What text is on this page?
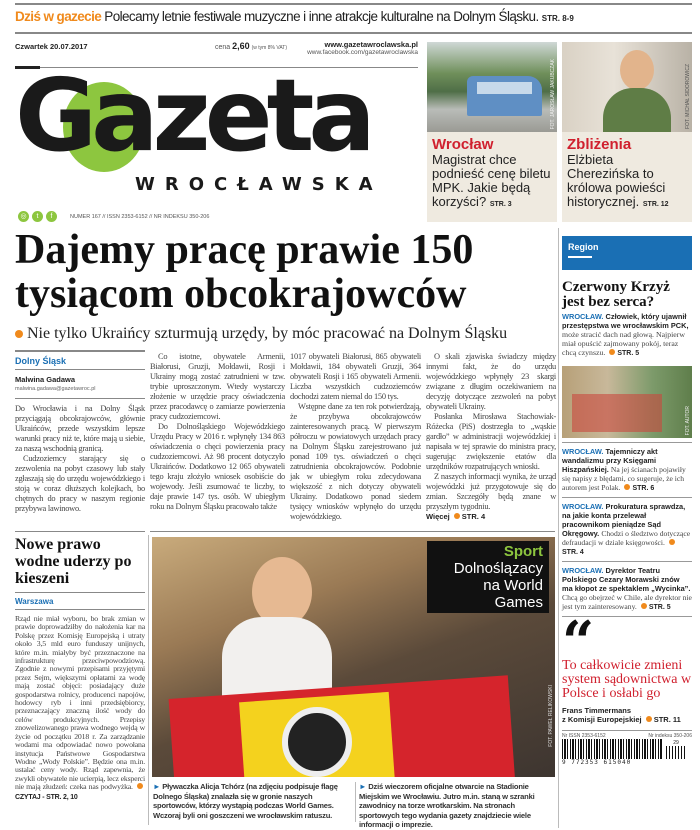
Dziś w gazecie Polecamy letnie festiwale muzyczne i inne atrakcje kulturalne na Dolnym Śląsku. STR. 8-9
Czwartek 20.07.2017	cena 2,60 (w tym 8% VAT)	www.gazetawroclawska.pl
www.facebook.com/gazetawroclawska
Gazeta
WROCŁAWSKA
◎	t	f	NUMER 167 // ISSN 2353-6152 // NR INDEKSU 350-206
FOT. JAROSŁAW JAKUBCZAK
Wrocław
Magistrat chce podnieść cenę biletu MPK. Jakie będą korzyści? STR. 3
FOT. MICHAŁ SIDOROWICZ
Zbliżenia
Elżbieta Cherezińska to królowa powieści historycznej. STR. 12
Dajemy pracę prawie 150 tysiącom obcokrajowców
Nie tylko Ukraińcy szturmują urzędy, by móc pracować na Dolnym Śląsku
Dolny Śląsk
Malwina Gadawa
malwina.gadawa@gazetawroc.pl

Do Wrocławia i na Dolny Śląsk przyciągają obcokrajowców, głównie Ukraińców, przede wszystkim lepsze warunki pracy niż te, które mają u siebie, za naszą wschodnią granicą.

Cudzoziemcy starający się o zezwolenia na pobyt czasowy lub stały zgłaszają się do urzędu wojewódzkiego i stoją w coraz dłuższych kolejkach, bo chętnych do pracy w naszym regionie przybywa lawinowo.

Co istotne, obywatele Armenii, Białorusi, Gruzji, Mołdawii, Rosji i Ukrainy mogą zostać zatrudnieni w tzw. trybie uproszczonym. Wtedy wystarczy złożenie w urzędzie pracy oświadczenia przez pracodawcę o zamiarze powierzenia pracy cudzoziemcowi.

Do Dolnośląskiego Wojewódzkiego Urzędu Pracy w 2016 r. wpłynęły 134 863 oświadczenia o chęci powierzenia pracy cudzoziemcowi. Aż 98 procent dotyczyło Ukraińców. Dodatkowo 12 065 obywateli tego kraju złożyło wniosek osobiście do wojewody. Jeśli zsumować te liczby, to daje prawie 147 tys. osób. W ubiegłym roku na Dolnym Śląsku pracowało także

1017 obywateli Białorusi, 865 obywateli Mołdawii, 184 obywateli Gruzji, 364 obywateli Rosji i 165 obywateli Armenii. Liczba wszystkich cudzoziemców dochodzi zatem niemal do 150 tys.

Wstępne dane za ten rok potwierdzają, że przybywa obcokrajowców zainteresowanych pracą. W pierwszym półroczu w powiatowych urzędach pracy na Dolnym Śląsku zarejestrowano już ponad 109 tys. oświadczeń o chęci zatrudnienia obcokrajowców. Podobnie jak w ubiegłym roku zdecydowana większość z nich dotyczy obywateli Ukrainy. Dodatkowo ponad siedem tysięcy wniosków wpłynęło do urzędu wojewódzkiego.

O skali zjawiska świadczy między innymi fakt, że do urzędu wojewódzkiego wpłynęły 23 skargi związane z długim oczekiwaniem na decyzję dotyczące zezwoleń na pobyt obywateli Ukrainy.

Posłanka Mirosława Stachowiak-Różecka (PiS) dostrzegła to „wąskie gardło” w administracji wojewódzkiej i napisała w tej sprawie do ministra pracy, sugerując zwiększenie etatów dla urzędników rozpatrujących wnioski.

Z naszych informacji wynika, że urząd wojewódzki już przygotowuje się do zmian. Szczegóły będą znane w przyszłym tygodniu.

Więcej STR. 4
Nowe prawo wodne uderzy po kieszeni
Warszawa
Rząd nie miał wyboru, bo brak zmian w prawie doprowadziłby do nałożenia kar na Polskę przez Komisję Europejską i utraty około 3,5 mld euro funduszy unijnych, które m.in. miałyby być przeznaczone na infrastrukturę przeciwpowodziową. Zgodnie z nowymi przepisami przyjętymi przez Sejm, większymi opłatami za wodę mają zostać objęci: posiadający duże gospodarstwa rolnicy, producenci napojów, hodowcy ryb i inni przedsiębiorcy, przeznaczający znaczną ilość wody do celów produkcyjnych. Przepisy znowelizowanego prawa wodnego wejdą w życie od początku 2018 r. Za zarządzanie wodami ma odpowiadać nowo powołana instytucja Państwowe Gospodarstwa Wodne „Wody Polskie”. Będzie ona m.in. ustalać ceny wody. Rząd zapewnia, że zwykli obywatele nie ucierpią, lecz eksperci nie mają złudzeń: czeka nas podwyżka. CZYTAJ - STR. 2, 10
Sport
Dolnoślązacy na World Games
FOT. PAWEŁ RELIKOWSKI
► Pływaczka Alicja Tchórz (na zdjęciu podpisuje flagę Dolnego Śląska) znalazła się w gronie naszych sportowców, którzy wystąpią podczas World Games. Wczoraj byli oni goszczeni we wrocławskim ratuszu.
► Dziś wieczorem oficjalne otwarcie na Stadionie Miejskim we Wrocławiu. Jutro m.in. staną w szranki zawodnicy na torze wrotkarskim. Na stronach sportowych tego wydania gazety znajdziecie wiele informacji o imprezie.
Region
Czerwony Krzyż jest bez serca?
WROCŁAW. Człowiek, który ujawnił przestępstwa we wrocławskim PCK, może stracić dach nad głową. Najpierw miał opuścić zajmowany pokój, teraz chcą czynszu. STR. 5
FOT. AUTOR
WROCŁAW. Tajemniczy akt wandalizmu przy Księgami Hiszpańskiej. Na jej ścianach pojawiły się napisy z błędami, co sugeruje, że ich autorem jest Polak. STR. 6
WROCŁAW. Prokuratura sprawdza, na jakie konta przelewał pracownikom pieniądze Sąd Okręgowy. Chodzi o śledztwo dotyczące defraudacji w dziale księgowości. STR. 4
WROCŁAW. Dyrektor Teatru Polskiego Cezary Morawski znów ma kłopot ze spektaklem „Wycinka”. Chcą go obejrzeć w Chile, ale dyrektor nie jest tym zainteresowany. STR. 5
“
To całkowicie zmieni system sądownictwa w Polsce i osłabi go
Frans Timmermans
z Komisji Europejskiej STR. 11
Nr ISSN 2353-6152	Nr indeksu 350-206
29
9 772353 615040
